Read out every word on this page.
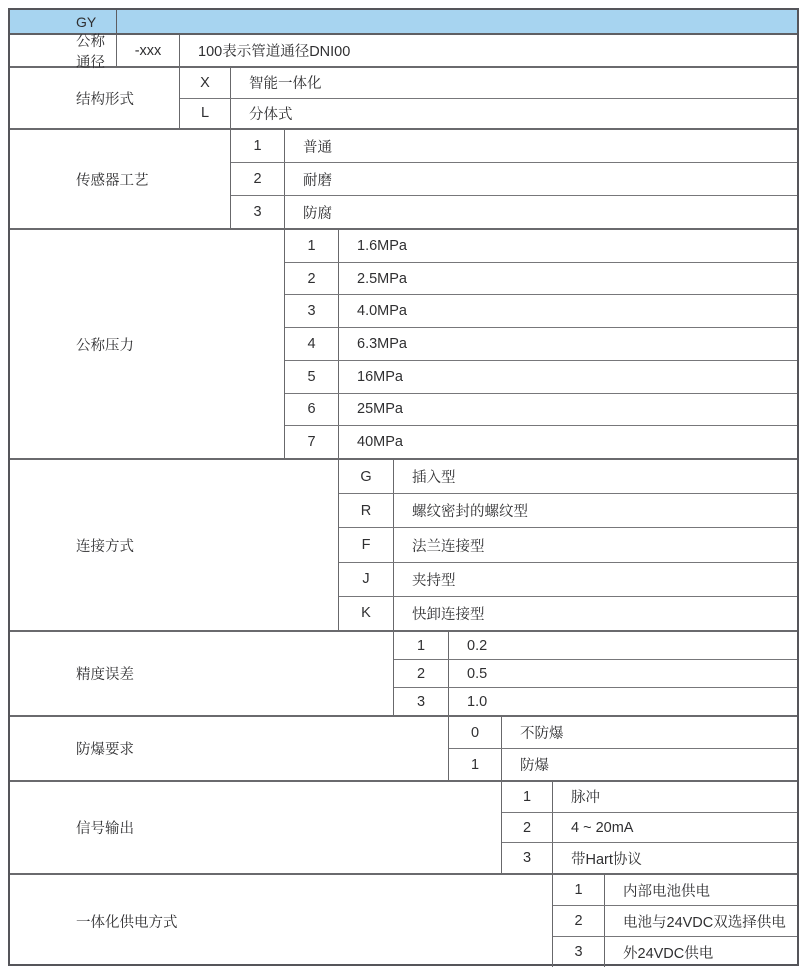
GY
公称通径
-xxx	100表示管道通径DNI00
结构形式
X	智能一体化
L	分体式
传感器工艺
1	普通
2	耐磨
3	防腐
公称压力
1	1.6MPa
2	2.5MPa
3	4.0MPa
4	6.3MPa
5	16MPa
6	25MPa
7	40MPa
连接方式
G	插入型
R	螺纹密封的螺纹型
F	法兰连接型
J	夹持型
K	快卸连接型
精度误差
1	0.2
2	0.5
3	1.0
防爆要求
0	不防爆
1	防爆
信号输出
1	脉冲
2	4 ~ 20mA
3	带Hart协议
一体化供电方式
1	内部电池供电
2	电池与24VDC双选择供电
3	外24VDC供电
